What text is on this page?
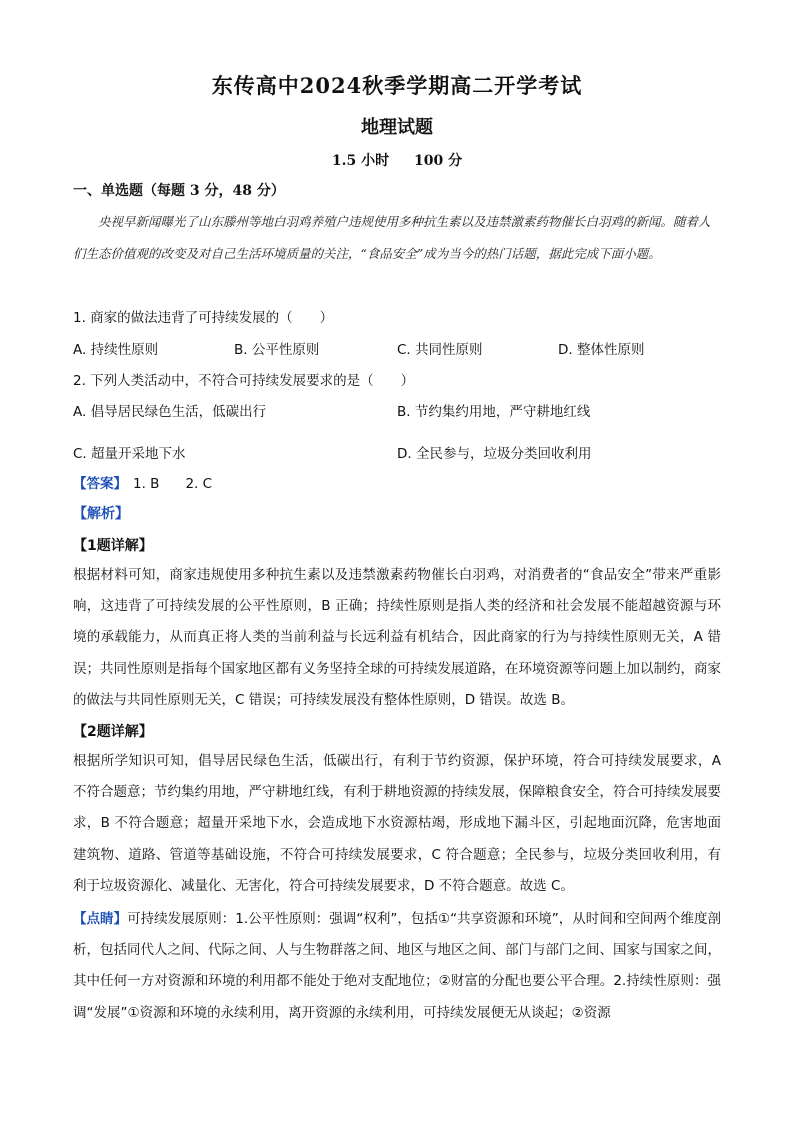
东传高中2024秋季学期高二开学考试
地理试题
1.5 小时 100 分
一、单选题（每题 3 分，48 分）
央视早新闻曝光了山东滕州等地白羽鸡养殖户违规使用多种抗生素以及违禁激素药物催长白羽鸡的新闻。随着人们生态价值观的改变及对自己生活环境质量的关注，“食品安全”成为当今的热门话题，据此完成下面小题。
1. 商家的做法违背了可持续发展的（　　）
A. 持续性原则	B. 公平性原则	C. 共同性原则	D. 整体性原则
2. 下列人类活动中，不符合可持续发展要求的是（　　）
A. 倡导居民绿色生活，低碳出行	B. 节约集约用地，严守耕地红线
C. 超量开采地下水	D. 全民参与，垃圾分类回收利用
【答案】 1. B 2. C
【解析】
【1题详解】
根据材料可知，商家违规使用多种抗生素以及违禁激素药物催长白羽鸡，对消费者的“食品安全”带来严重影响，这违背了可持续发展的公平性原则，B 正确；持续性原则是指人类的经济和社会发展不能超越资源与环境的承载能力，从而真正将人类的当前利益与长远利益有机结合，因此商家的行为与持续性原则无关，A 错误；共同性原则是指每个国家地区都有义务坚持全球的可持续发展道路，在环境资源等问题上加以制约，商家的做法与共同性原则无关，C 错误；可持续发展没有整体性原则，D 错误。故选 B。
【2题详解】
根据所学知识可知，倡导居民绿色生活，低碳出行，有利于节约资源，保护环境，符合可持续发展要求，A 不符合题意；节约集约用地，严守耕地红线，有利于耕地资源的持续发展，保障粮食安全，符合可持续发展要求，B 不符合题意；超量开采地下水，会造成地下水资源枯竭，形成地下漏斗区，引起地面沉降，危害地面建筑物、道路、管道等基础设施，不符合可持续发展要求，C 符合题意；全民参与，垃圾分类回收利用，有利于垃圾资源化、减量化、无害化，符合可持续发展要求，D 不符合题意。故选 C。
【点睛】可持续发展原则：1.公平性原则：强调“权利”，包括①“共享资源和环境”，从时间和空间两个维度剖析，包括同代人之间、代际之间、人与生物群落之间、地区与地区之间、部门与部门之间、国家与国家之间，其中任何一方对资源和环境的利用都不能处于绝对支配地位；②财富的分配也要公平合理。2.持续性原则：强调“发展”①资源和环境的永续利用，离开资源的永续利用，可持续发展便无从谈起；②资源
